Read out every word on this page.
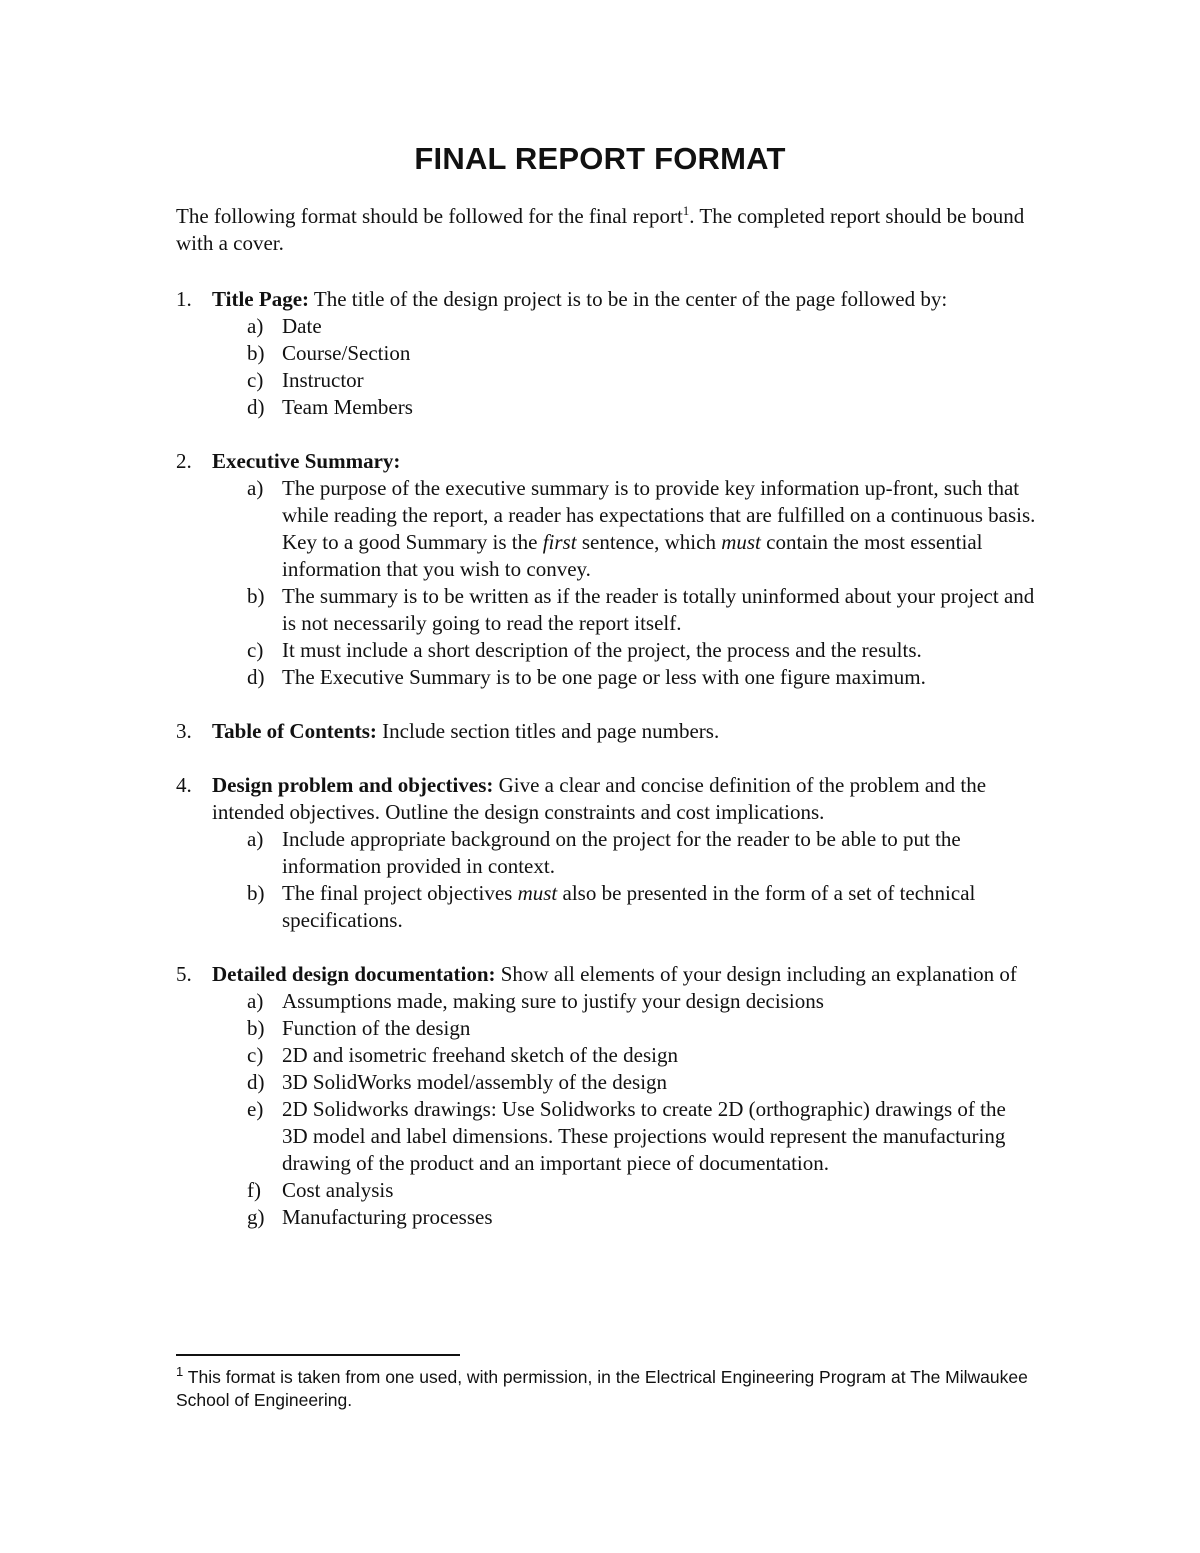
FINAL REPORT FORMAT

The following format should be followed for the final report$^1$. The completed report should be bound with a cover.

1. Title Page: The title of the design project is to be in the center of the page followed by:
a) Date
b) Course/Section
c) Instructor
d) Team Members
2. Executive Summary:
a) The purpose of the executive summary is to provide key information up-front, such that while reading the report, a reader has expectations that are fulfilled on a continuous basis. Key to a good Summary is the first sentence, which must contain the most essential information that you wish to convey.
b) The summary is to be written as if the reader is totally uninformed about your project and is not necessarily going to read the report itself.
c) It must include a short description of the project, the process and the results.
d) The Executive Summary is to be one page or less with one figure maximum.
3. Table of Contents: Include section titles and page numbers.
4. Design problem and objectives: Give a clear and concise definition of the problem and the intended objectives. Outline the design constraints and cost implications.
a) Include appropriate background on the project for the reader to be able to put the information provided in context.
b) The final project objectives must also be presented in the form of a set of technical specifications.
5. Detailed design documentation: Show all elements of your design including an explanation of
a) Assumptions made, making sure to justify your design decisions
b) Function of the design
c) 2D and isometric freehand sketch of the design
d) 3D SolidWorks model/assembly of the design
e) 2D Solidworks drawings: Use Solidworks to create 2D (orthographic) drawings of the 3D model and label dimensions. These projections would represent the manufacturing drawing of the product and an important piece of documentation.
f) Cost analysis
g) Manufacturing processes

$^1$ This format is taken from one used, with permission, in the Electrical Engineering Program at The Milwaukee School of Engineering.
